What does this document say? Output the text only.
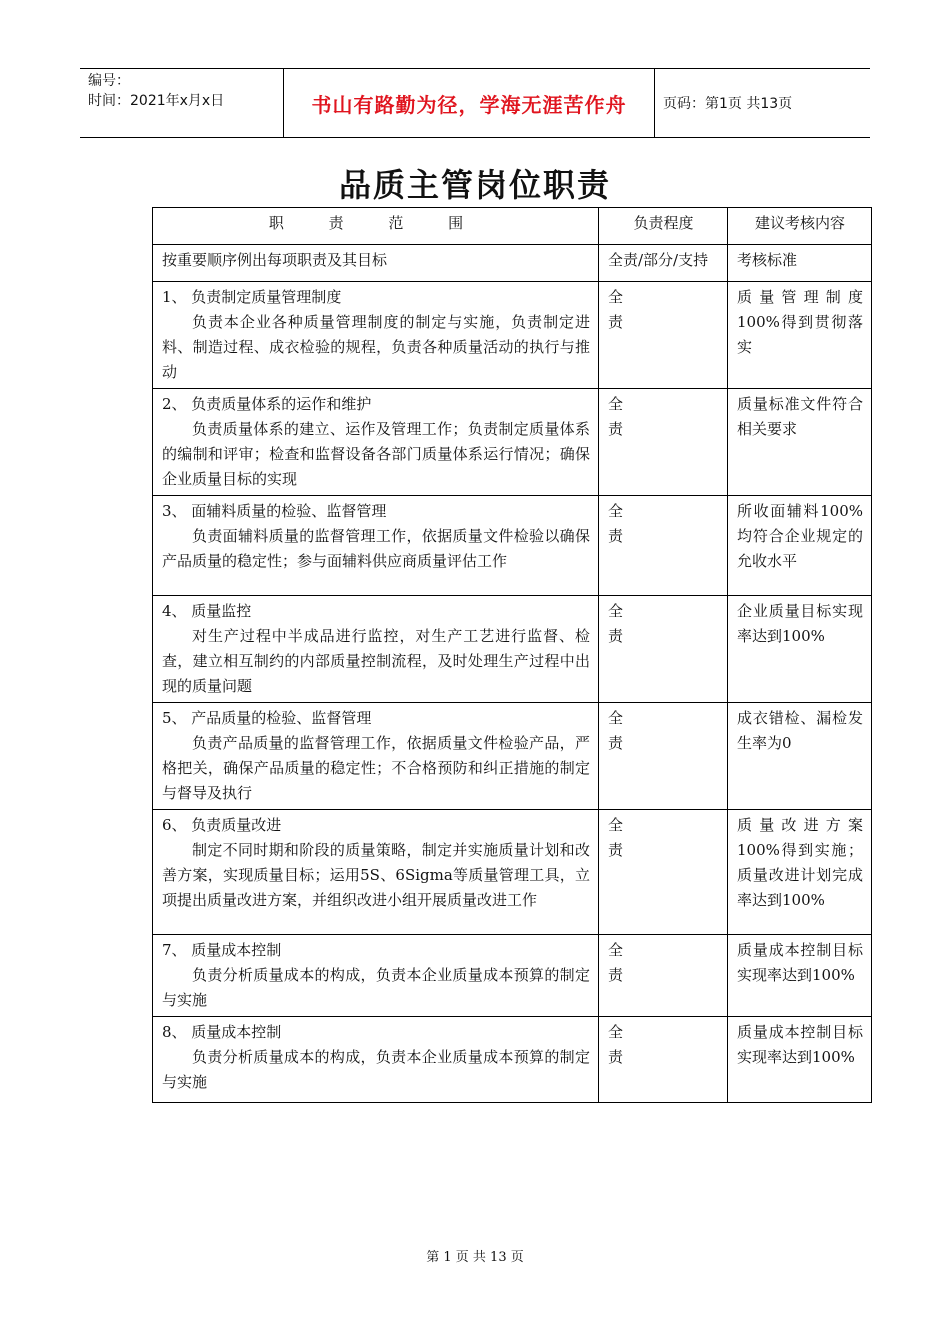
编号：
时间：2021年x月x日	书山有路勤为径，学海无涯苦作舟	页码：第1页 共13页
品质主管岗位职责
职 责 范 围	负责程度	建议考核内容
按重要顺序例出每项职责及其目标	全责/部分/支持	考核标准

1、 负责制定质量管理制度
负责本企业各种质量管理制度的制定与实施，负责制定进料、制造过程、成衣检验的规程，负责各种质量活动的执行与推动	全责	质量管理制度100%得到贯彻落实

2、 负责质量体系的运作和维护
负责质量体系的建立、运作及管理工作；负责制定质量体系的编制和评审；检查和监督设备各部门质量体系运行情况；确保企业质量目标的实现	全责	质量标准文件符合相关要求

3、 面辅料质量的检验、监督管理
负责面辅料质量的监督管理工作，依据质量文件检验以确保产品质量的稳定性；参与面辅料供应商质量评估工作	全责	所收面辅料100%均符合企业规定的允收水平

4、 质量监控
对生产过程中半成品进行监控，对生产工艺进行监督、检查，建立相互制约的内部质量控制流程，及时处理生产过程中出现的质量问题	全责	企业质量目标实现率达到100%

5、 产品质量的检验、监督管理
负责产品质量的监督管理工作，依据质量文件检验产品，严格把关，确保产品质量的稳定性；不合格预防和纠正措施的制定与督导及执行	全责	成衣错检、漏检发生率为0

6、 负责质量改进
制定不同时期和阶段的质量策略，制定并实施质量计划和改善方案，实现质量目标；运用5S、6Sigma等质量管理工具，立项提出质量改进方案，并组织改进小组开展质量改进工作	全责	质量改进方案100%得到实施；质量改进计划完成率达到100%

7、 质量成本控制
负责分析质量成本的构成，负责本企业质量成本预算的制定与实施	全责	质量成本控制目标实现率达到100%

8、 质量成本控制
负责分析质量成本的构成，负责本企业质量成本预算的制定与实施	全责	质量成本控制目标实现率达到100%
第 1 页 共 13 页
